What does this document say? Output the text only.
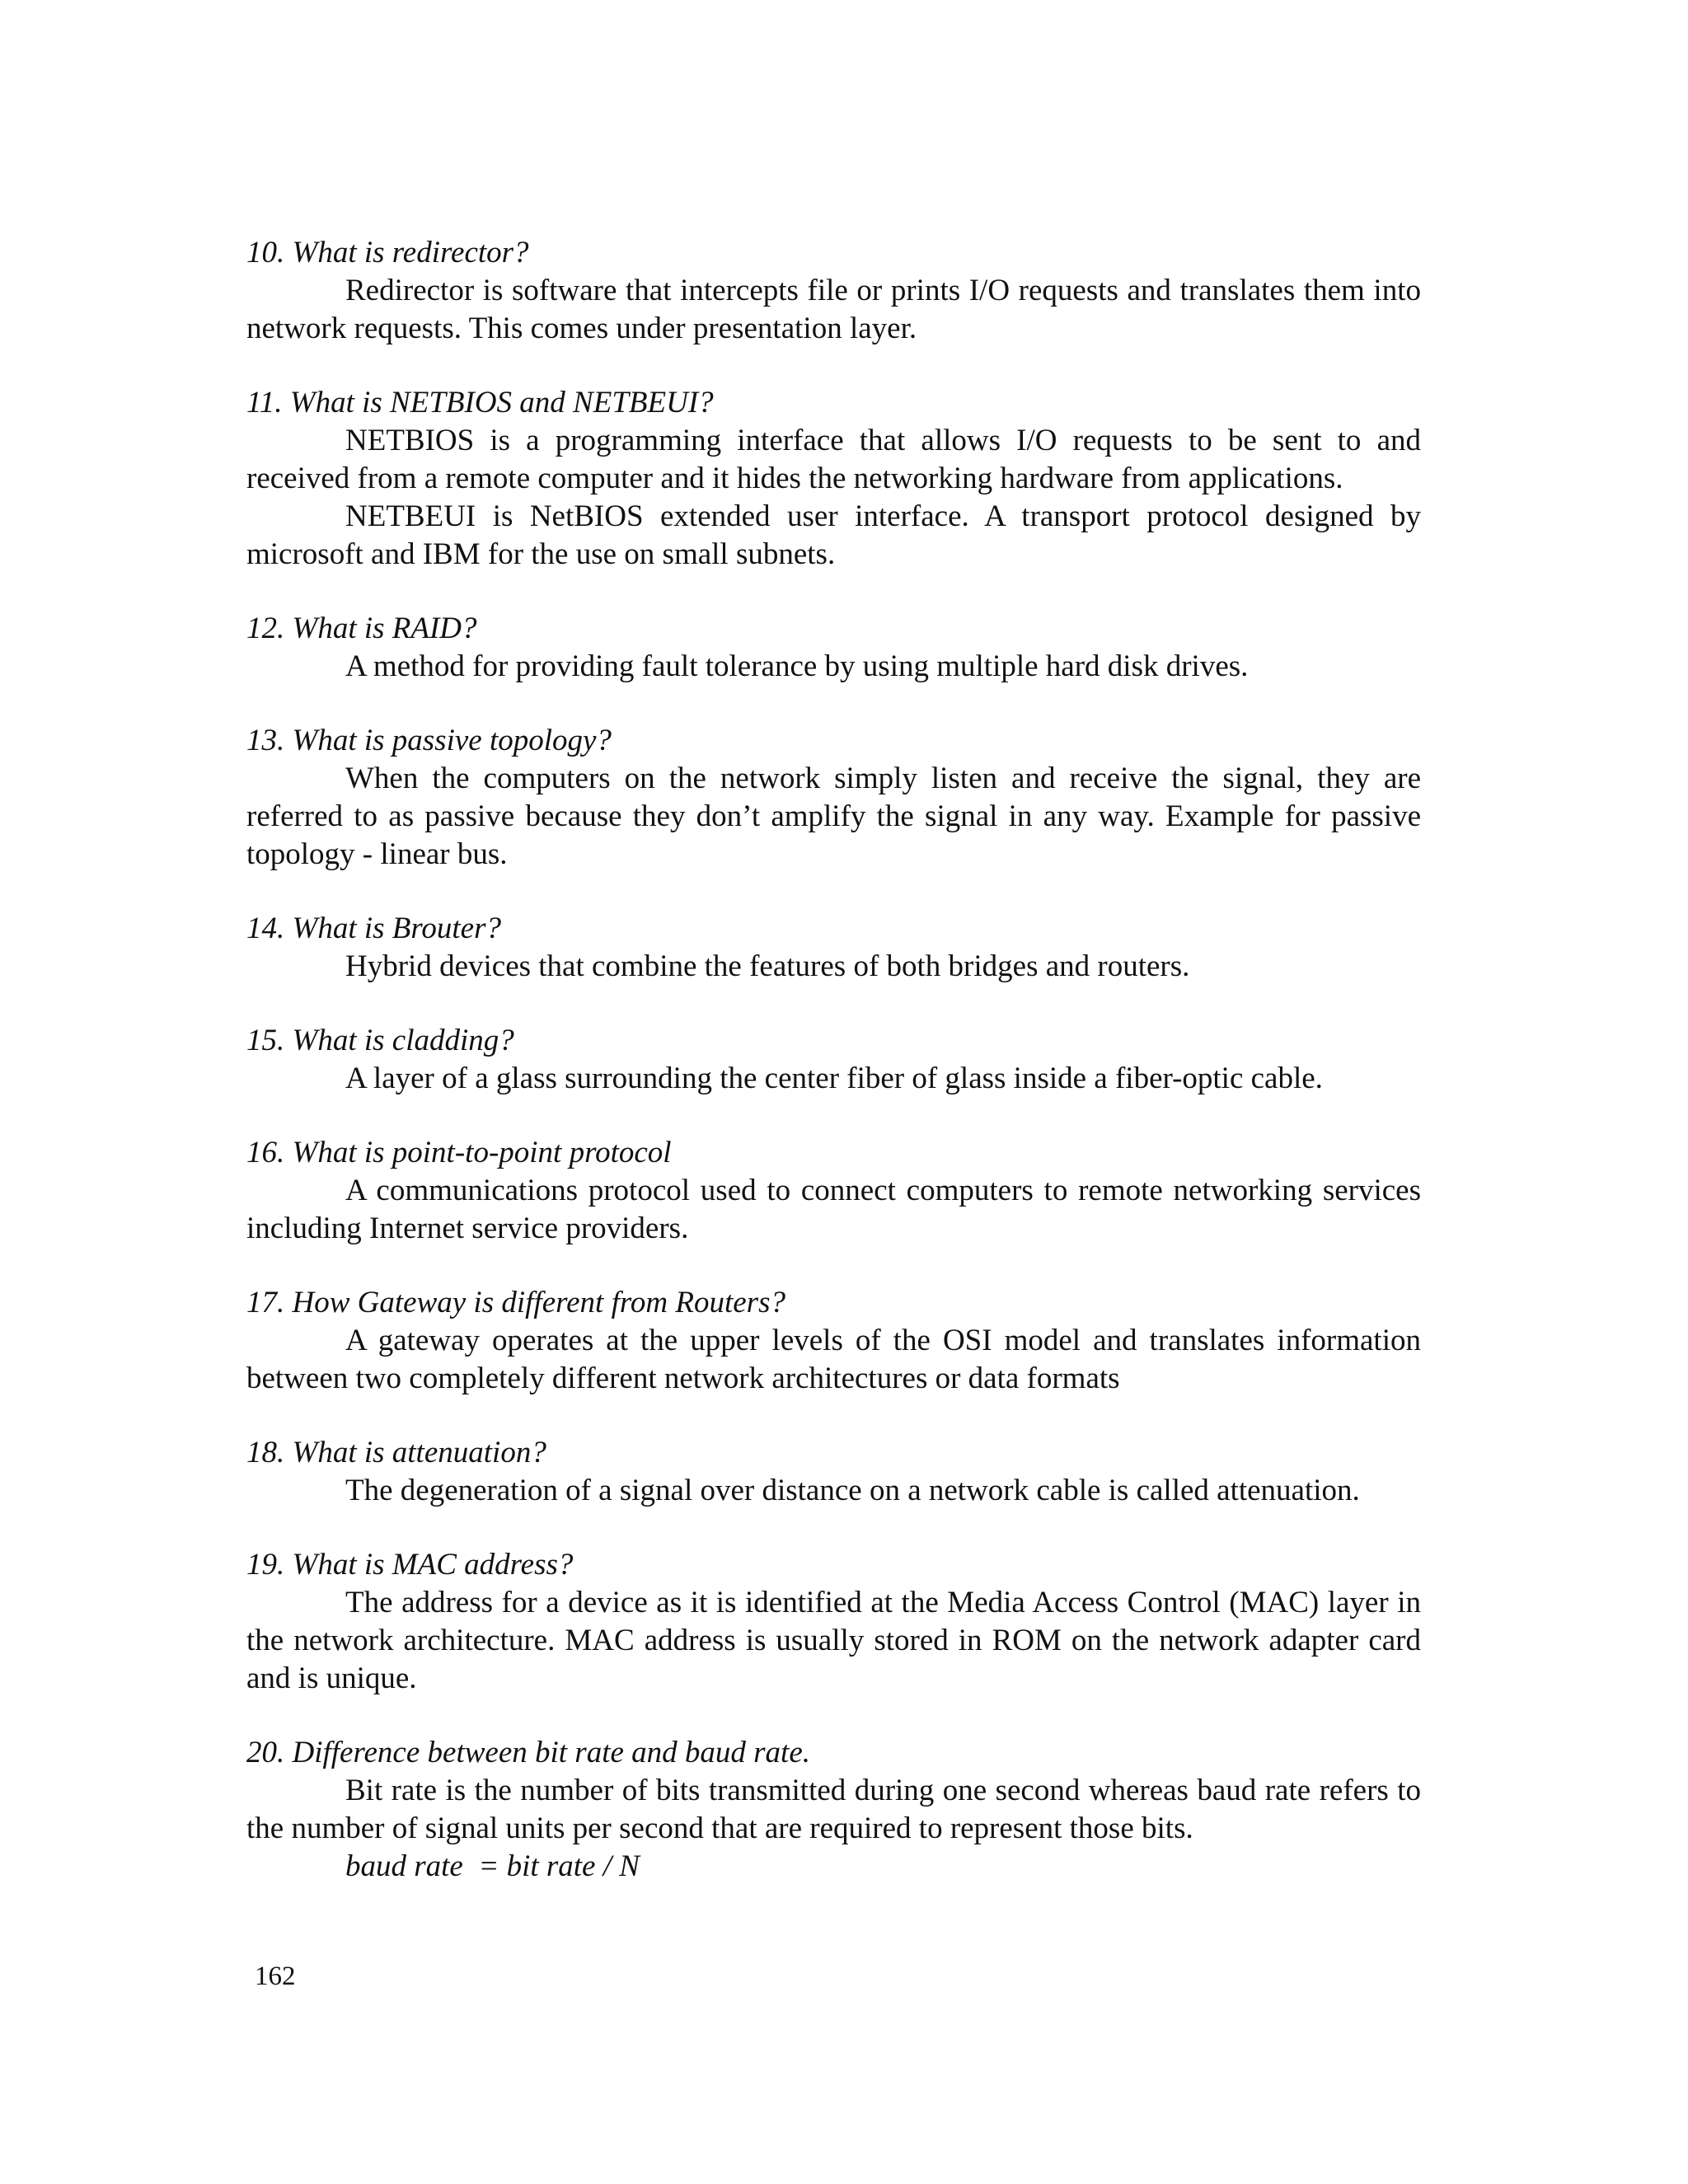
10. What is redirector?

Redirector is software that intercepts file or prints I/O requests and translates them into network requests. This comes under presentation layer.

11. What is NETBIOS and NETBEUI?

NETBIOS is a programming interface that allows I/O requests to be sent to and received from a remote computer and it hides the networking hardware from applications.

NETBEUI is NetBIOS extended user interface. A transport protocol designed by microsoft and IBM for the use on small subnets.

12. What is RAID?

A method for providing fault tolerance by using multiple hard disk drives.

13. What is passive topology?

When the computers on the network simply listen and receive the signal, they are referred to as passive because they don’t amplify the signal in any way. Example for passive topology - linear bus.

14. What is Brouter?

Hybrid devices that combine the features of both bridges and routers.

15. What is cladding?

A layer of a glass surrounding the center fiber of glass inside a fiber-optic cable.

16. What is point-to-point protocol

A communications protocol used to connect computers to remote networking services including Internet service providers.

17. How Gateway is different from Routers?

A gateway operates at the upper levels of the OSI model and translates information between two completely different network architectures or data formats

18. What is attenuation?

The degeneration of a signal over distance on a network cable is called attenuation.

19. What is MAC address?

The address for a device as it is identified at the Media Access Control (MAC) layer in the network architecture. MAC address is usually stored in ROM on the network adapter card and is unique.

20. Difference between bit rate and baud rate.

Bit rate is the number of bits transmitted during one second whereas baud rate refers to the number of signal units per second that are required to represent those bits.

baud rate  = bit rate / N

162
